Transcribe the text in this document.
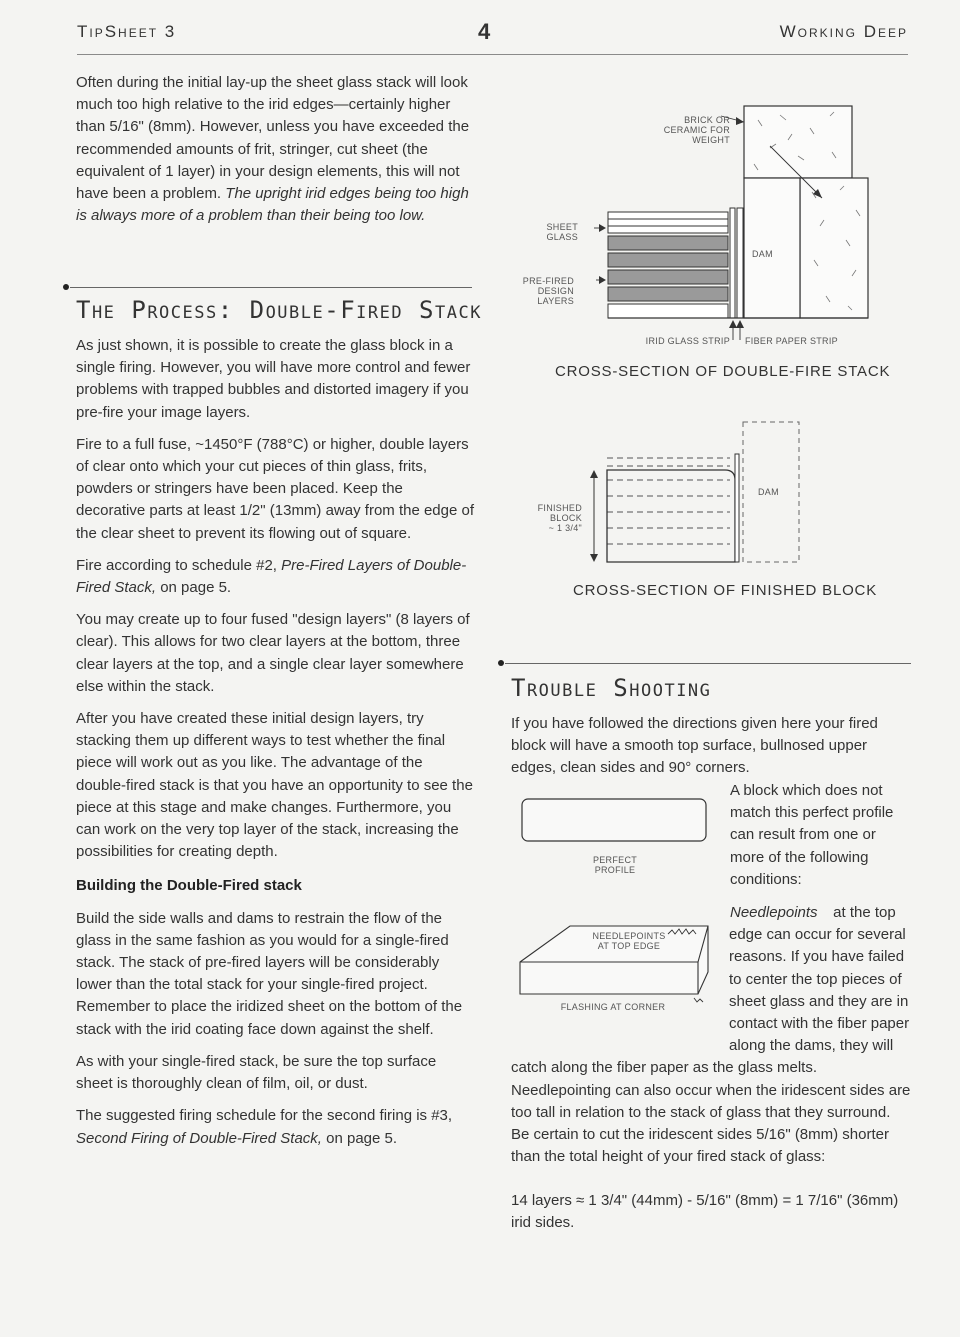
TipSheet 3	4	Working Deep

Often during the initial lay-up the sheet glass stack will look much too high relative to the irid edges—certainly higher than 5/16" (8mm). However, unless you have exceeded the recommended amounts of frit, stringer, cut sheet (the equivalent of 1 layer) in your design elements, this will not have been a problem. The upright irid edges being too high is always more of a problem than their being too low.

The Process: Double-Fired Stack

As just shown, it is possible to create the glass block in a single firing. However, you will have more control and fewer problems with trapped bubbles and distorted imagery if you pre-fire your image layers.

Fire to a full fuse, ~1450°F (788°C) or higher, double layers of clear onto which your cut pieces of thin glass, frits, powders or stringers have been placed. Keep the decorative parts at least 1/2" (13mm) away from the edge of the clear sheet to prevent its flowing out of square.

Fire according to schedule #2, Pre-Fired Layers of Double-Fired Stack, on page 5.

You may create up to four fused "design layers" (8 layers of clear). This allows for two clear layers at the bottom, three clear layers at the top, and a single clear layer somewhere else within the stack.

After you have created these initial design layers, try stacking them up different ways to test whether the final piece will work out as you like. The advantage of the double-fired stack is that you have an opportunity to see the piece at this stage and make changes. Furthermore, you can work on the very top layer of the stack, increasing the possibilities for creating depth.

Building the Double-Fired stack

Build the side walls and dams to restrain the flow of the glass in the same fashion as you would for a single-fired stack. The stack of pre-fired layers will be considerably lower than the total stack for your single-fired project. Remember to place the iridized sheet on the bottom of the stack with the irid coating face down against the shelf.

As with your single-fired stack, be sure the top surface sheet is thoroughly clean of film, oil, or dust.

The suggested firing schedule for the second firing is #3, Second Firing of Double-Fired Stack, on page 5.

BRICK OR
CERAMIC FOR
WEIGHT
SHEET
GLASS
PRE-FIRED
DESIGN
LAYERS
DAM
IRID GLASS STRIP FIBER PAPER STRIP
CROSS-SECTION OF DOUBLE-FIRE STACK
FINISHED
BLOCK
~ 1 3/4"
DAM
CROSS-SECTION OF FINISHED BLOCK
Trouble Shooting
If you have followed the directions given here your fired block will have a smooth top surface, bullnosed upper edges, clean sides and 90° corners.
PERFECT PROFILE
NEEDLEPOINTS
AT TOP EDGE
FLASHING AT CORNER
A block which does not match this perfect profile can result from one or more of the following conditions:
Needlepoints at the top edge can occur for several reasons. If you have failed to center the top pieces of sheet glass and they are in contact with the fiber paper along the dams, they will catch along the fiber paper as the glass melts. Needlepointing can also occur when the iridescent sides are too tall in relation to the stack of glass that they surround. Be certain to cut the iridescent sides 5/16" (8mm) shorter than the total height of your fired stack of glass:
14 layers ≈ 1 3/4" (44mm) - 5/16" (8mm) = 1 7/16" (36mm) irid sides.
